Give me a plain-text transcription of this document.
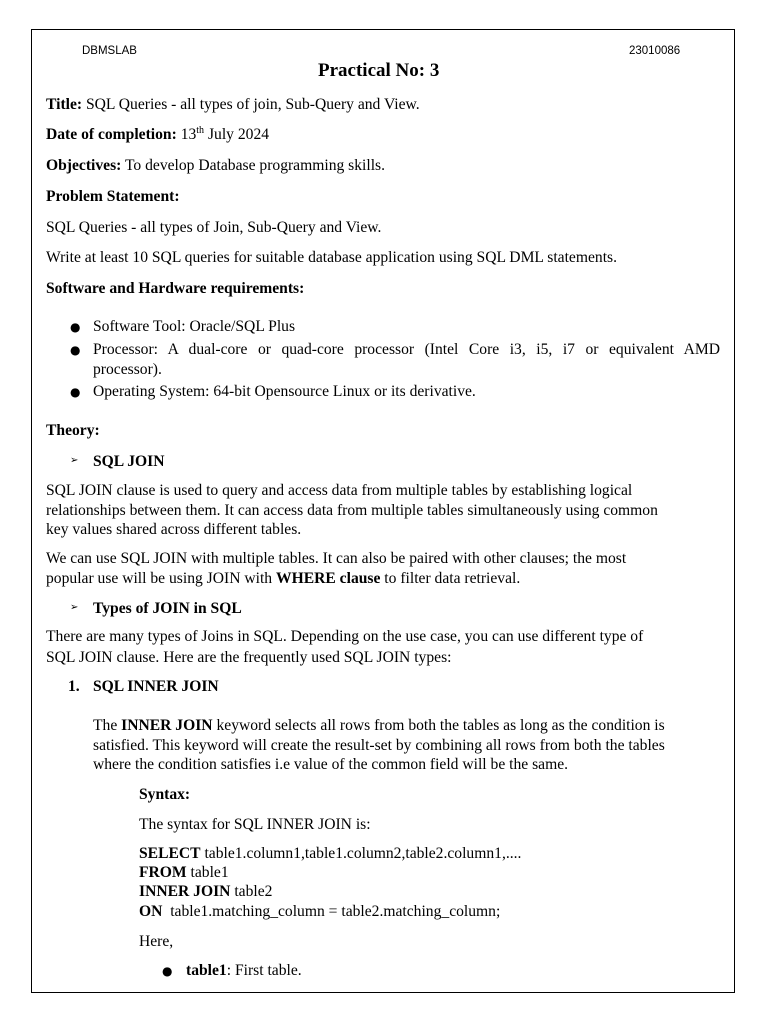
DBMSLAB	23010086
Practical No: 3
Title: SQL Queries - all types of join, Sub-Query and View.
Date of completion: 13th July 2024
Objectives: To develop Database programming skills.
Problem Statement:
SQL Queries - all types of Join, Sub-Query and View.
Write at least 10 SQL queries for suitable database application using SQL DML statements.
Software and Hardware requirements:
● Software Tool: Oracle/SQL Plus
● Processor: A dual-core or quad-core processor (Intel Core i3, i5, i7 or equivalent AMD
processor).
● Operating System: 64-bit Opensource Linux or its derivative.
Theory:
➢ SQL JOIN
SQL JOIN clause is used to query and access data from multiple tables by establishing logical
relationships between them. It can access data from multiple tables simultaneously using common
key values shared across different tables.
We can use SQL JOIN with multiple tables. It can also be paired with other clauses; the most
popular use will be using JOIN with WHERE clause to filter data retrieval.
➢ Types of JOIN in SQL
There are many types of Joins in SQL. Depending on the use case, you can use different type of
SQL JOIN clause. Here are the frequently used SQL JOIN types:
1. SQL INNER JOIN
The INNER JOIN keyword selects all rows from both the tables as long as the condition is
satisfied. This keyword will create the result-set by combining all rows from both the tables
where the condition satisfies i.e value of the common field will be the same.
Syntax:
The syntax for SQL INNER JOIN is:
SELECT table1.column1,table1.column2,table2.column1,....
FROM table1
INNER JOIN table2
ON  table1.matching_column = table2.matching_column;
Here,
● table1: First table.
